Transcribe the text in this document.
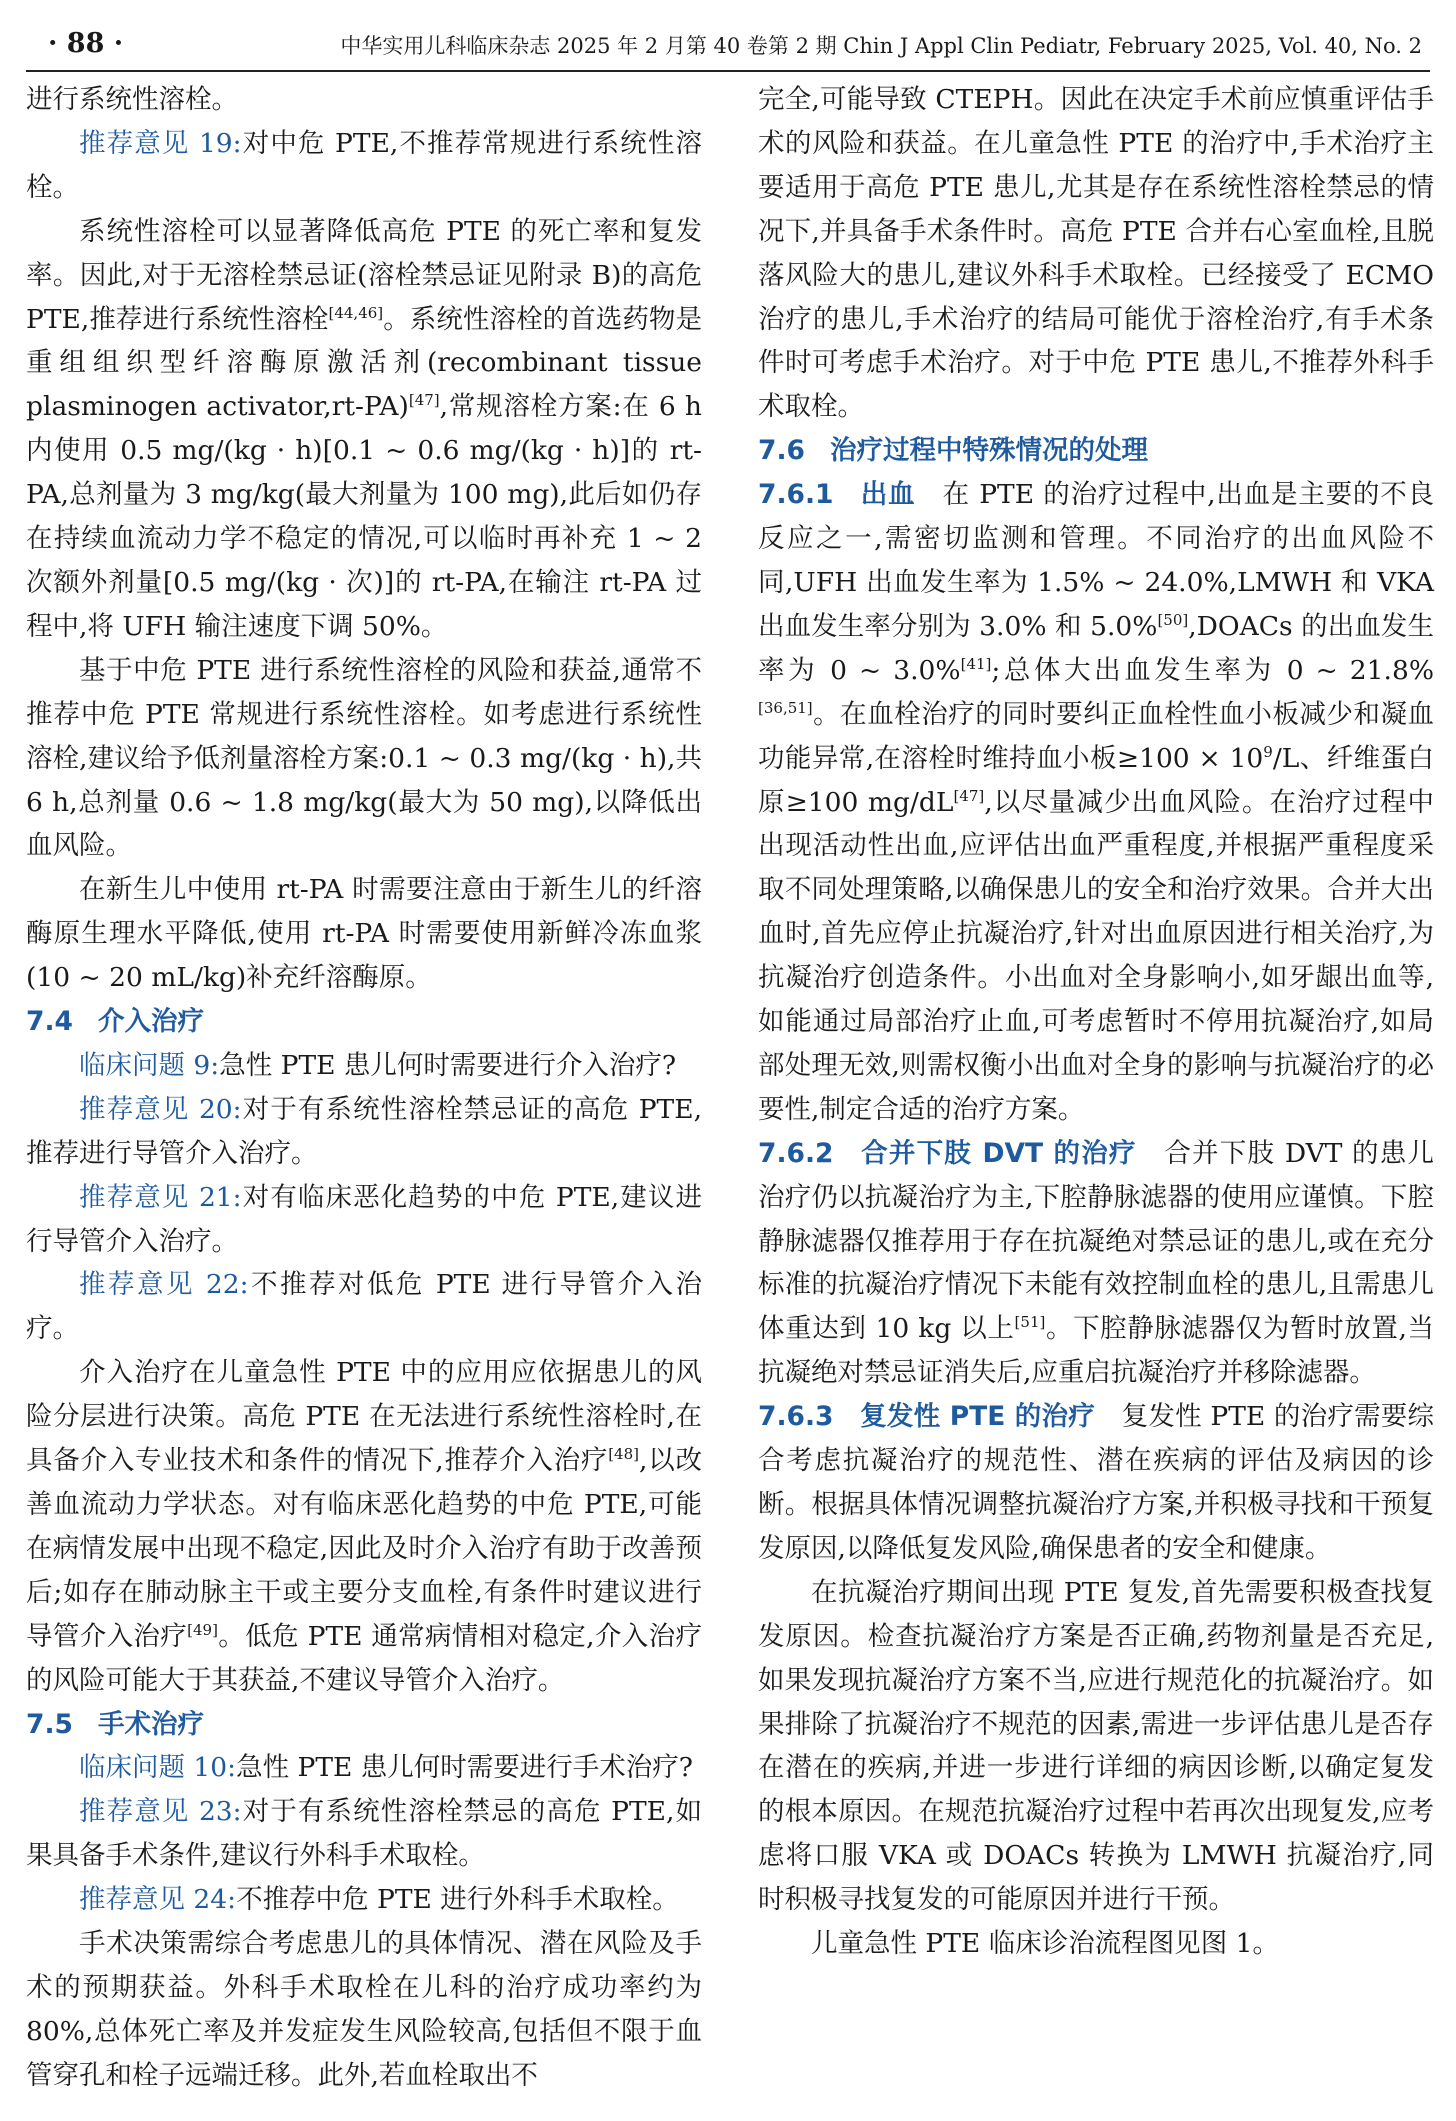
· 88 ·	中华实用儿科临床杂志 2025 年 2 月第 40 卷第 2 期 Chin J Appl Clin Pediatr, February 2025, Vol. 40, No. 2

进行系统性溶栓。

推荐意见 19:对中危 PTE,不推荐常规进行系统性溶栓。

系统性溶栓可以显著降低高危 PTE 的死亡率和复发率。因此,对于无溶栓禁忌证(溶栓禁忌证见附录 B)的高危 PTE,推荐进行系统性溶栓[44,46]。系统性溶栓的首选药物是重组组织型纤溶酶原激活剂(recombinant tissue plasminogen activator,rt-PA)[47],常规溶栓方案:在 6 h 内使用 0.5 mg/(kg · h)[0.1 ~ 0.6 mg/(kg · h)]的 rt-PA,总剂量为 3 mg/kg(最大剂量为 100 mg),此后如仍存在持续血流动力学不稳定的情况,可以临时再补充 1 ~ 2 次额外剂量[0.5 mg/(kg · 次)]的 rt-PA,在输注 rt-PA 过程中,将 UFH 输注速度下调 50%。

基于中危 PTE 进行系统性溶栓的风险和获益,通常不推荐中危 PTE 常规进行系统性溶栓。如考虑进行系统性溶栓,建议给予低剂量溶栓方案:0.1 ~ 0.3 mg/(kg · h),共 6 h,总剂量 0.6 ~ 1.8 mg/kg(最大为 50 mg),以降低出血风险。

在新生儿中使用 rt-PA 时需要注意由于新生儿的纤溶酶原生理水平降低,使用 rt-PA 时需要使用新鲜冷冻血浆(10 ~ 20 mL/kg)补充纤溶酶原。

7.4 介入治疗

临床问题 9:急性 PTE 患儿何时需要进行介入治疗?

推荐意见 20:对于有系统性溶栓禁忌证的高危 PTE,推荐进行导管介入治疗。

推荐意见 21:对有临床恶化趋势的中危 PTE,建议进行导管介入治疗。

推荐意见 22:不推荐对低危 PTE 进行导管介入治疗。

介入治疗在儿童急性 PTE 中的应用应依据患儿的风险分层进行决策。高危 PTE 在无法进行系统性溶栓时,在具备介入专业技术和条件的情况下,推荐介入治疗[48],以改善血流动力学状态。对有临床恶化趋势的中危 PTE,可能在病情发展中出现不稳定,因此及时介入治疗有助于改善预后;如存在肺动脉主干或主要分支血栓,有条件时建议进行导管介入治疗[49]。低危 PTE 通常病情相对稳定,介入治疗的风险可能大于其获益,不建议导管介入治疗。

7.5 手术治疗

临床问题 10:急性 PTE 患儿何时需要进行手术治疗?

推荐意见 23:对于有系统性溶栓禁忌的高危 PTE,如果具备手术条件,建议行外科手术取栓。

推荐意见 24:不推荐中危 PTE 进行外科手术取栓。

手术决策需综合考虑患儿的具体情况、潜在风险及手术的预期获益。外科手术取栓在儿科的治疗成功率约为 80%,总体死亡率及并发症发生风险较高,包括但不限于血管穿孔和栓子远端迁移。此外,若血栓取出不

完全,可能导致 CTEPH。因此在决定手术前应慎重评估手术的风险和获益。在儿童急性 PTE 的治疗中,手术治疗主要适用于高危 PTE 患儿,尤其是存在系统性溶栓禁忌的情况下,并具备手术条件时。高危 PTE 合并右心室血栓,且脱落风险大的患儿,建议外科手术取栓。已经接受了 ECMO 治疗的患儿,手术治疗的结局可能优于溶栓治疗,有手术条件时可考虑手术治疗。对于中危 PTE 患儿,不推荐外科手术取栓。

7.6 治疗过程中特殊情况的处理

7.6.1  出血  在 PTE 的治疗过程中,出血是主要的不良反应之一,需密切监测和管理。不同治疗的出血风险不同,UFH 出血发生率为 1.5% ~ 24.0%,LMWH 和 VKA 出血发生率分别为 3.0% 和 5.0%[50],DOACs 的出血发生率为 0 ~ 3.0%[41];总体大出血发生率为 0 ~ 21.8%[36,51]。在血栓治疗的同时要纠正血栓性血小板减少和凝血功能异常,在溶栓时维持血小板$\ge 100 \times 10^9/L$、纤维蛋白原≥100 mg/dL[47],以尽量减少出血风险。在治疗过程中出现活动性出血,应评估出血严重程度,并根据严重程度采取不同处理策略,以确保患儿的安全和治疗效果。合并大出血时,首先应停止抗凝治疗,针对出血原因进行相关治疗,为抗凝治疗创造条件。小出血对全身影响小,如牙龈出血等,如能通过局部治疗止血,可考虑暂时不停用抗凝治疗,如局部处理无效,则需权衡小出血对全身的影响与抗凝治疗的必要性,制定合适的治疗方案。

7.6.2  合并下肢 DVT 的治疗  合并下肢 DVT 的患儿治疗仍以抗凝治疗为主,下腔静脉滤器的使用应谨慎。下腔静脉滤器仅推荐用于存在抗凝绝对禁忌证的患儿,或在充分标准的抗凝治疗情况下未能有效控制血栓的患儿,且需患儿体重达到 10 kg 以上[51]。下腔静脉滤器仅为暂时放置,当抗凝绝对禁忌证消失后,应重启抗凝治疗并移除滤器。

7.6.3  复发性 PTE 的治疗  复发性 PTE 的治疗需要综合考虑抗凝治疗的规范性、潜在疾病的评估及病因的诊断。根据具体情况调整抗凝治疗方案,并积极寻找和干预复发原因,以降低复发风险,确保患者的安全和健康。

在抗凝治疗期间出现 PTE 复发,首先需要积极查找复发原因。检查抗凝治疗方案是否正确,药物剂量是否充足,如果发现抗凝治疗方案不当,应进行规范化的抗凝治疗。如果排除了抗凝治疗不规范的因素,需进一步评估患儿是否存在潜在的疾病,并进一步进行详细的病因诊断,以确定复发的根本原因。在规范抗凝治疗过程中若再次出现复发,应考虑将口服 VKA 或 DOACs 转换为 LMWH 抗凝治疗,同时积极寻找复发的可能原因并进行干预。

儿童急性 PTE 临床诊治流程图见图 1。
